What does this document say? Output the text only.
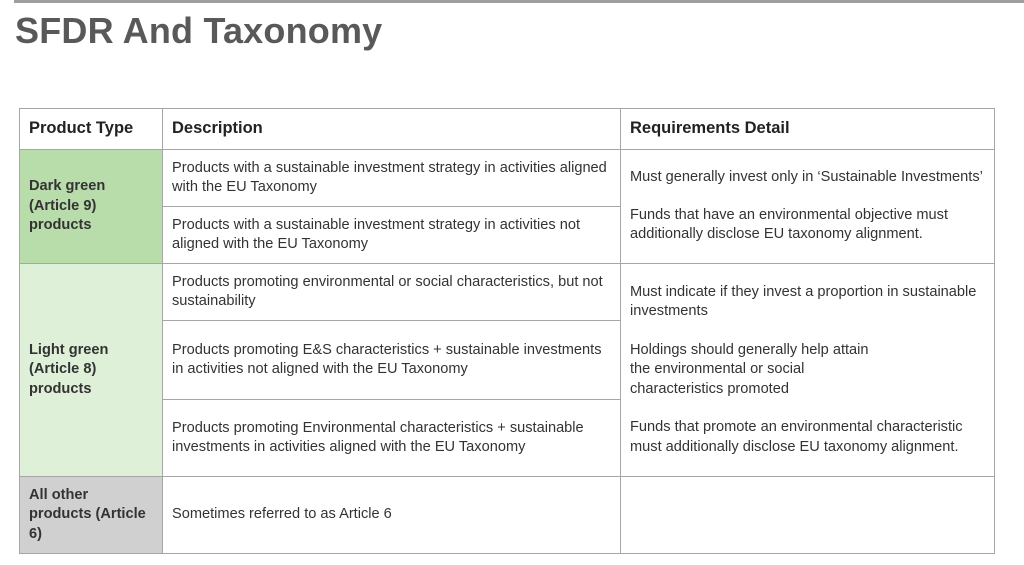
SFDR And Taxonomy
Product Type	Description	Requirements Detail
Dark green (Article 9) products	Products with a sustainable investment strategy in activities aligned with the EU Taxonomy	Must generally invest only in ‘Sustainable Investments’
Funds that have an environmental objective must additionally disclose EU taxonomy alignment.

	Products with a sustainable investment strategy in activities not aligned with the EU Taxonomy	
Light green (Article 8) products	Products promoting environmental or social characteristics, but not sustainability	Must indicate if they invest a proportion in sustainable investments
Holdings should generally help attain the environmental or social characteristics promoted
Funds that promote an environmental characteristic must additionally disclose EU taxonomy alignment.

	Products promoting E&S characteristics + sustainable investments in activities not aligned with the EU Taxonomy	
	Products promoting Environmental characteristics + sustainable investments in activities aligned with the EU Taxonomy	
All other products (Article 6)	Sometimes referred to as Article 6	
